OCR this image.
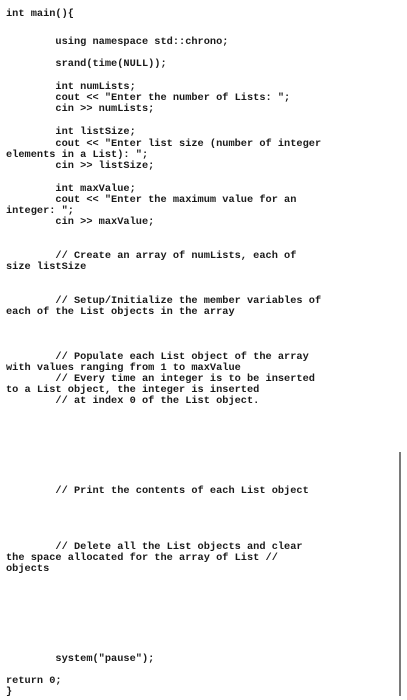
int main(){

using namespace std::chrono;

srand(time(NULL));

int numLists;

cout << "Enter the number of Lists: ";

cin >> numLists;

int listSize;

cout << "Enter list size (number of integer

elements in a List): ";

cin >> listSize;

int maxValue;

cout << "Enter the maximum value for an

integer: ";

cin >> maxValue;

// Create an array of numLists, each of

size listSize

// Setup/Initialize the member variables of

each of the List objects in the array

// Populate each List object of the array

with values ranging from 1 to maxValue

// Every time an integer is to be inserted

to a List object, the integer is inserted

// at index 0 of the List object.

// Print the contents of each List object

// Delete all the List objects and clear

the space allocated for the array of List //

objects

system("pause");

return 0;

}
